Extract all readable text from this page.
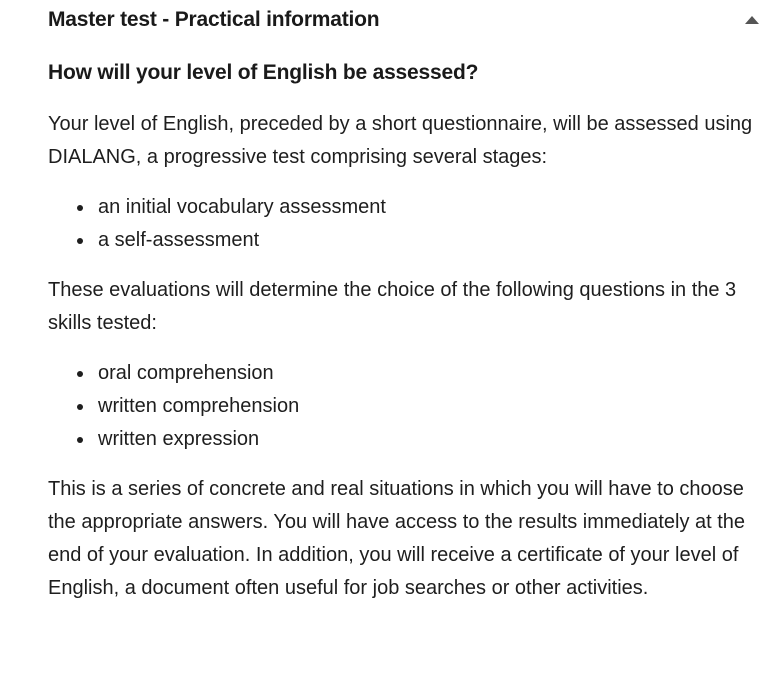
Master test - Practical information
How will your level of English be assessed?

Your level of English, preceded by a short questionnaire, will be assessed using DIALANG, a progressive test comprising several stages:

an initial vocabulary assessment
a self-assessment

These evaluations will determine the choice of the following questions in the 3 skills tested:

oral comprehension
written comprehension
written expression

This is a series of concrete and real situations in which you will have to choose the appropriate answers. You will have access to the results immediately at the end of your evaluation. In addition, you will receive a certificate of your level of English, a document often useful for job searches or other activities.
